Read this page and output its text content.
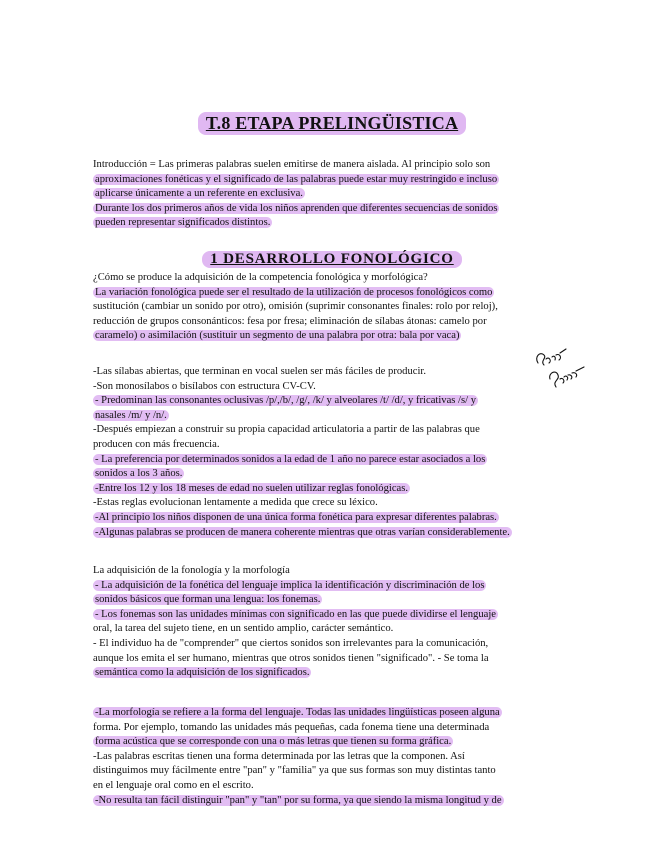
T.8 ETAPA PRELINGÜISTICA
Introducción = Las primeras palabras suelen emitirse de manera aislada. Al principio solo son
aproximaciones fonéticas y el significado de las palabras puede estar muy restringido e incluso
aplicarse únicamente a un referente en exclusiva.
Durante los dos primeros años de vida los niños aprenden que diferentes secuencias de sonidos
pueden representar significados distintos.
1 DESARROLLO FONOLÓGICO
¿Cómo se produce la adquisición de la competencia fonológica y morfológica?
La variación fonológica puede ser el resultado de la utilización de procesos fonológicos como
sustitución (cambiar un sonido por otro), omisión (suprimir consonantes finales: rolo por reloj),
reducción de grupos consonánticos: fesa por fresa; eliminación de sílabas átonas: camelo por
caramelo) o asimilación (sustituir un segmento de una palabra por otra: bala por vaca)
-Las sílabas abiertas, que terminan en vocal suelen ser más fáciles de producir.
-Son monosílabos o bisílabos con estructura CV-CV.
- Predominan las consonantes oclusivas /p/,/b/, /g/, /k/ y alveolares /t/ /d/, y fricativas /s/ y
nasales /m/ y /n/.
-Después empiezan a construir su propia capacidad articulatoria a partir de las palabras que
producen con más frecuencia.
- La preferencia por determinados sonidos a la edad de 1 año no parece estar asociados a los
sonidos a los 3 años.
-Entre los 12 y los 18 meses de edad no suelen utilizar reglas fonológicas.
-Estas reglas evolucionan lentamente a medida que crece su léxico.
-Al principio los niños disponen de una única forma fonética para expresar diferentes palabras.
-Algunas palabras se producen de manera coherente mientras que otras varían considerablemente.
La adquisición de la fonología y la morfología
- La adquisición de la fonética del lenguaje implica la identificación y discriminación de los
sonidos básicos que forman una lengua: los fonemas.
- Los fonemas son las unidades mínimas con significado en las que puede dividirse el lenguaje
oral, la tarea del sujeto tiene, en un sentido amplio, carácter semántico.
- El individuo ha de "comprender" que ciertos sonidos son irrelevantes para la comunicación,
aunque los emita el ser humano, mientras que otros sonidos tienen "significado". - Se toma la
semántica como la adquisición de los significados.
-La morfología se refiere a la forma del lenguaje. Todas las unidades lingüísticas poseen alguna
forma. Por ejemplo, tomando las unidades más pequeñas, cada fonema tiene una determinada
forma acústica que se corresponde con una o más letras que tienen su forma gráfica.
-Las palabras escritas tienen una forma determinada por las letras que la componen. Así
distinguimos muy fácilmente entre "pan" y "familia" ya que sus formas son muy distintas tanto
en el lenguaje oral como en el escrito.
-No resulta tan fácil distinguir "pan" y "tan" por su forma, ya que siendo la misma longitud y de
